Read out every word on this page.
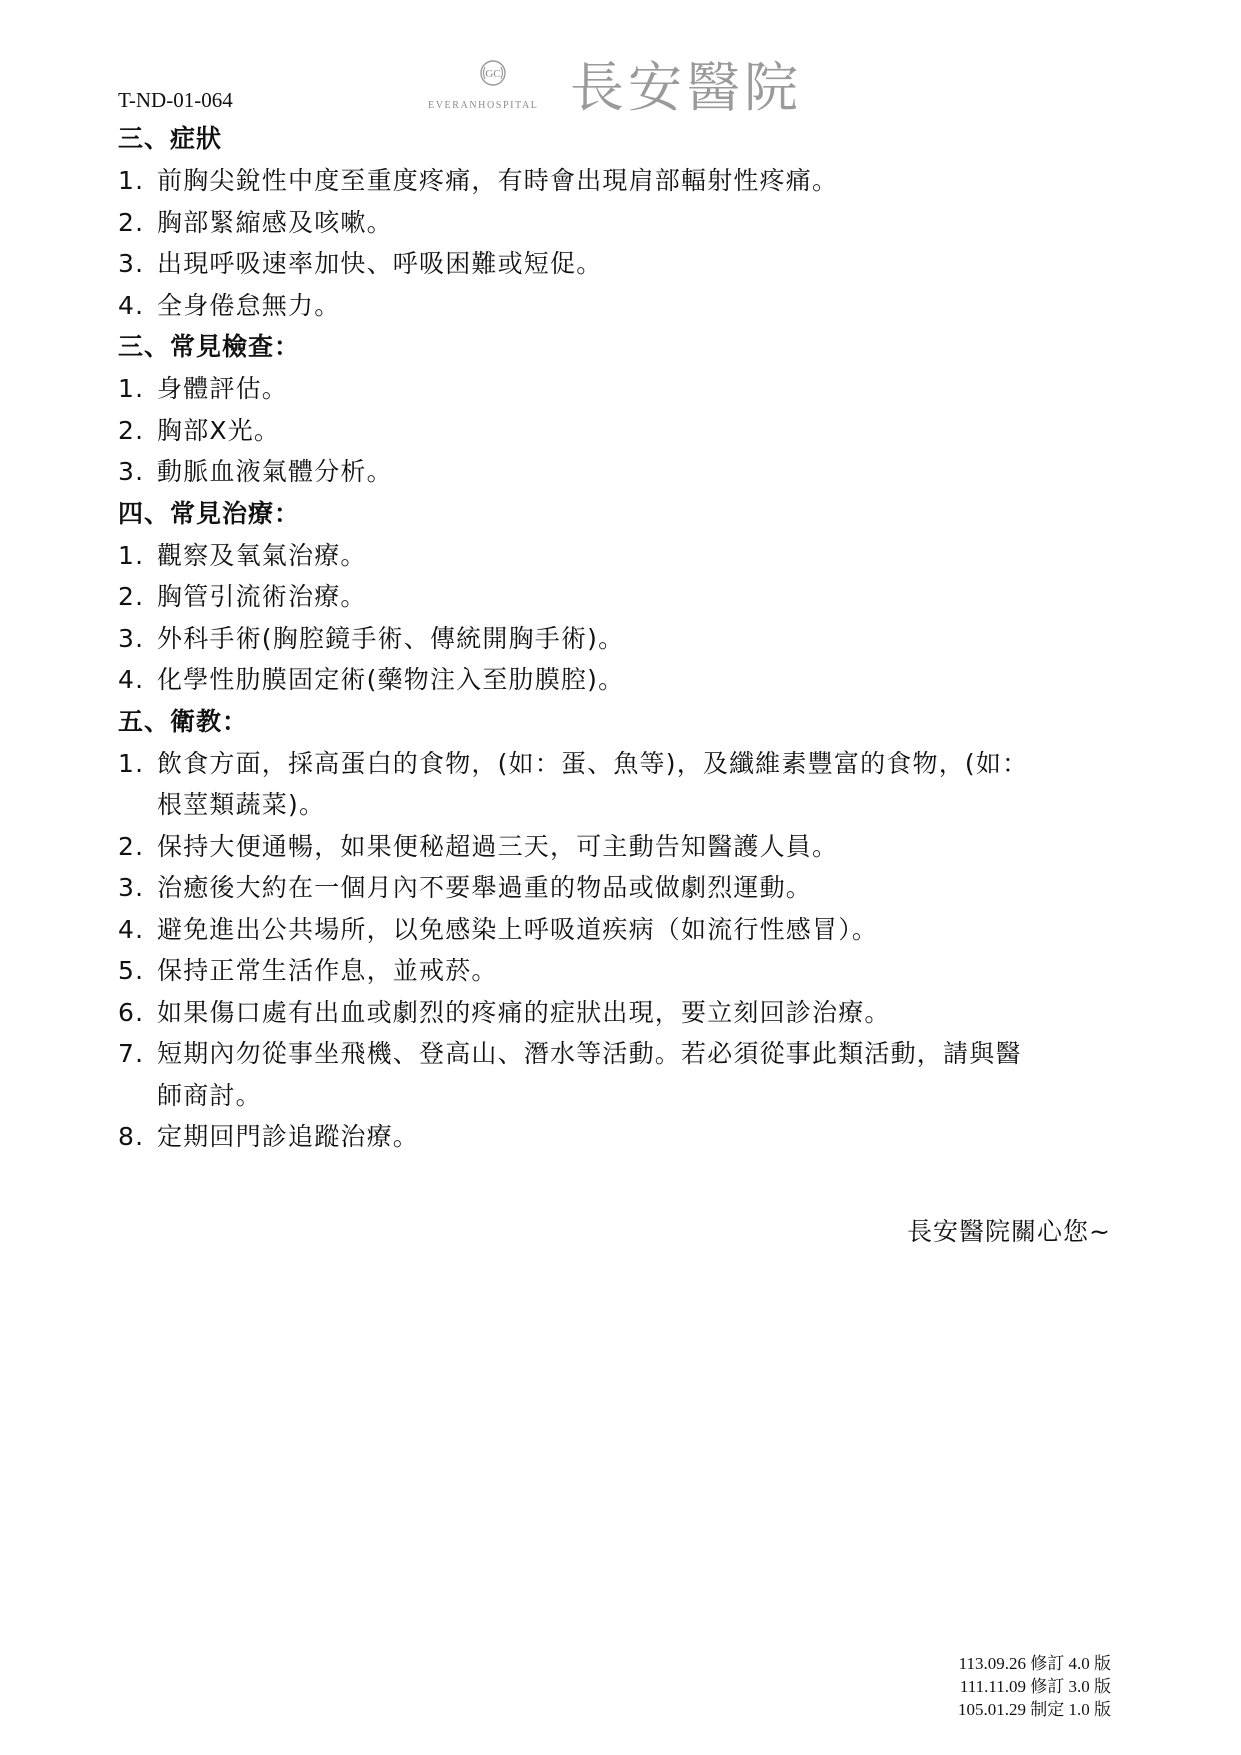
T-ND-01-064
GC
EVERANHOSPITAL 長安醫院
三、症狀
1. 前胸尖銳性中度至重度疼痛，有時會出現肩部輻射性疼痛。
2. 胸部緊縮感及咳嗽。
3. 出現呼吸速率加快、呼吸困難或短促。
4. 全身倦怠無力。
三、常見檢查：
1. 身體評估。
2. 胸部X光。
3. 動脈血液氣體分析。
四、常見治療：
1. 觀察及氧氣治療。
2. 胸管引流術治療。
3. 外科手術(胸腔鏡手術、傳統開胸手術)。
4. 化學性肋膜固定術(藥物注入至肋膜腔)。
五、衛教：
1. 飲食方面，採高蛋白的食物，(如：蛋、魚等)，及纖維素豐富的食物，(如：
根莖類蔬菜)。
2. 保持大便通暢，如果便秘超過三天，可主動告知醫護人員。
3. 治癒後大約在一個月內不要舉過重的物品或做劇烈運動。
4. 避免進出公共場所，以免感染上呼吸道疾病（如流行性感冒）。
5. 保持正常生活作息，並戒菸。
6. 如果傷口處有出血或劇烈的疼痛的症狀出現，要立刻回診治療。
7. 短期內勿從事坐飛機、登高山、潛水等活動。若必須從事此類活動，請與醫
師商討。
8. 定期回門診追蹤治療。
長安醫院關心您~
113.09.26 修訂 4.0 版
111.11.09 修訂 3.0 版
105.01.29 制定 1.0 版
